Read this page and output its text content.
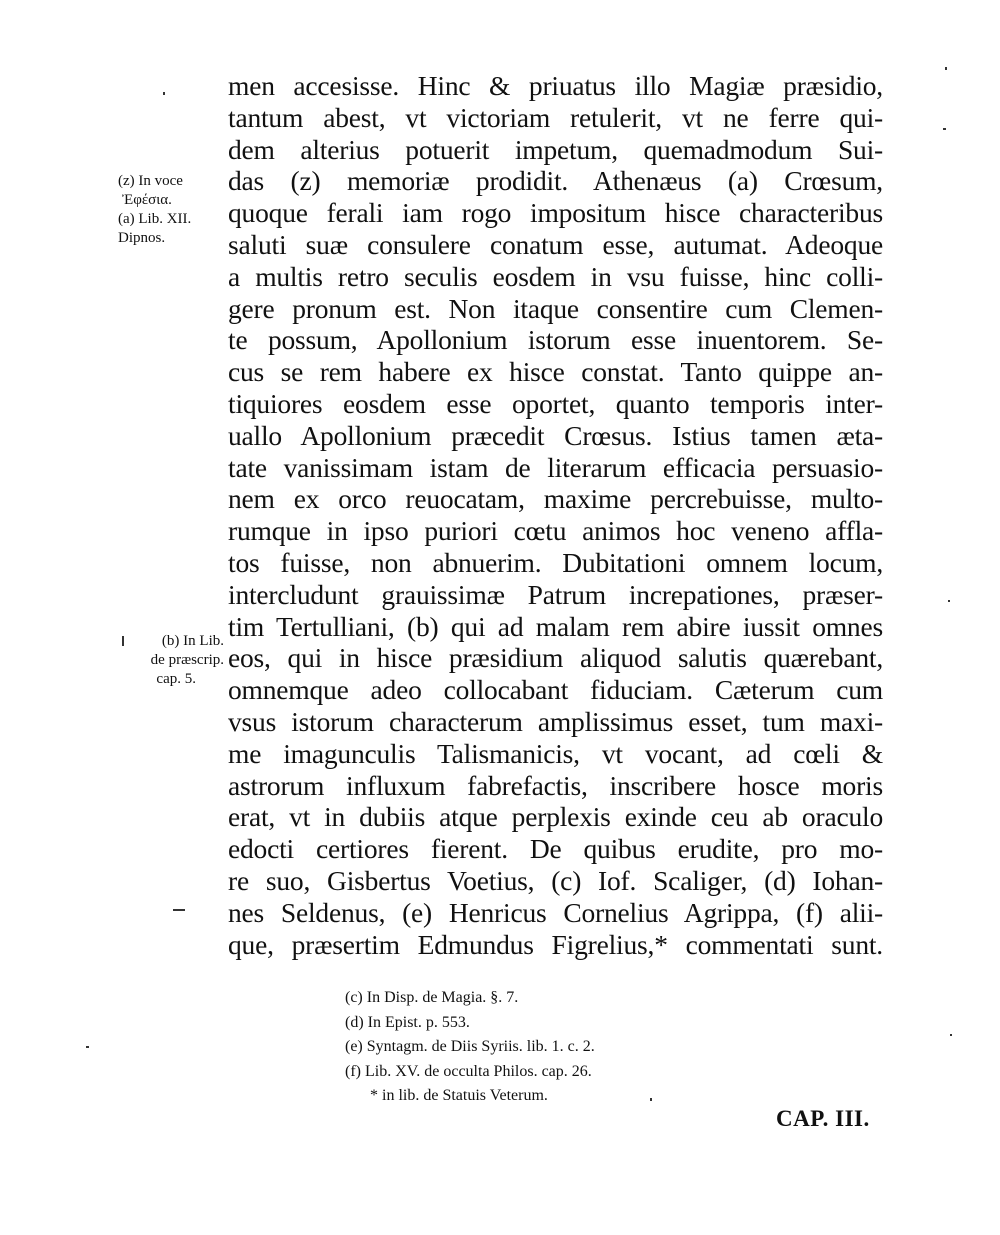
men accesisse. Hinc & priuatus illo Magiæ præsidio,
tantum abest, vt victoriam retulerit, vt ne ferre qui-
dem alterius potuerit impetum, quemadmodum Sui-
das (z) memoriæ prodidit. Athenæus (a) Crœsum,
quoque ferali iam rogo impositum hisce characteribus
saluti suæ consulere conatum esse, autumat. Adeoque
a multis retro seculis eosdem in vsu fuisse, hinc colli-
gere pronum est. Non itaque consentire cum Clemen-
te possum, Apollonium istorum esse inuentorem. Se-
cus se rem habere ex hisce constat. Tanto quippe an-
tiquiores eosdem esse oportet, quanto temporis inter-
uallo Apollonium præcedit Crœsus. Istius tamen æta-
tate vanissimam istam de literarum efficacia persuasio-
nem ex orco reuocatam, maxime percrebuisse, multo-
rumque in ipso puriori cœtu animos hoc veneno affla-
tos fuisse, non abnuerim. Dubitationi omnem locum,
intercludunt grauissimæ Patrum increpationes, præser-
tim Tertulliani, (b) qui ad malam rem abire iussit omnes
eos, qui in hisce præsidium aliquod salutis quærebant,
omnemque adeo collocabant fiduciam. Cæterum cum
vsus istorum characterum amplissimus esset, tum maxi-
me imagunculis Talismanicis, vt vocant, ad cœli &
astrorum influxum fabrefactis, inscribere hosce moris
erat, vt in dubiis atque perplexis exinde ceu ab oraculo
edocti certiores fierent. De quibus erudite, pro mo-
re suo, Gisbertus Voetius, (c) Iof. Scaliger, (d) Iohan-
nes Seldenus, (e) Henricus Cornelius Agrippa, (f) alii-
que, præsertim Edmundus Figrelius,* commentati sunt.
(z) In voce
Ἐφέσια.
(a) Lib. XII.
Dipnos.
(b) In Lib.
de præscrip.
cap. 5.
(c) In Disp. de Magia. §. 7.
(d) In Epist. p. 553.
(e) Syntagm. de Diis Syriis. lib. 1. c. 2.
(f) Lib. XV. de occulta Philos. cap. 26.
* in lib. de Statuis Veterum.
CAP. III.
